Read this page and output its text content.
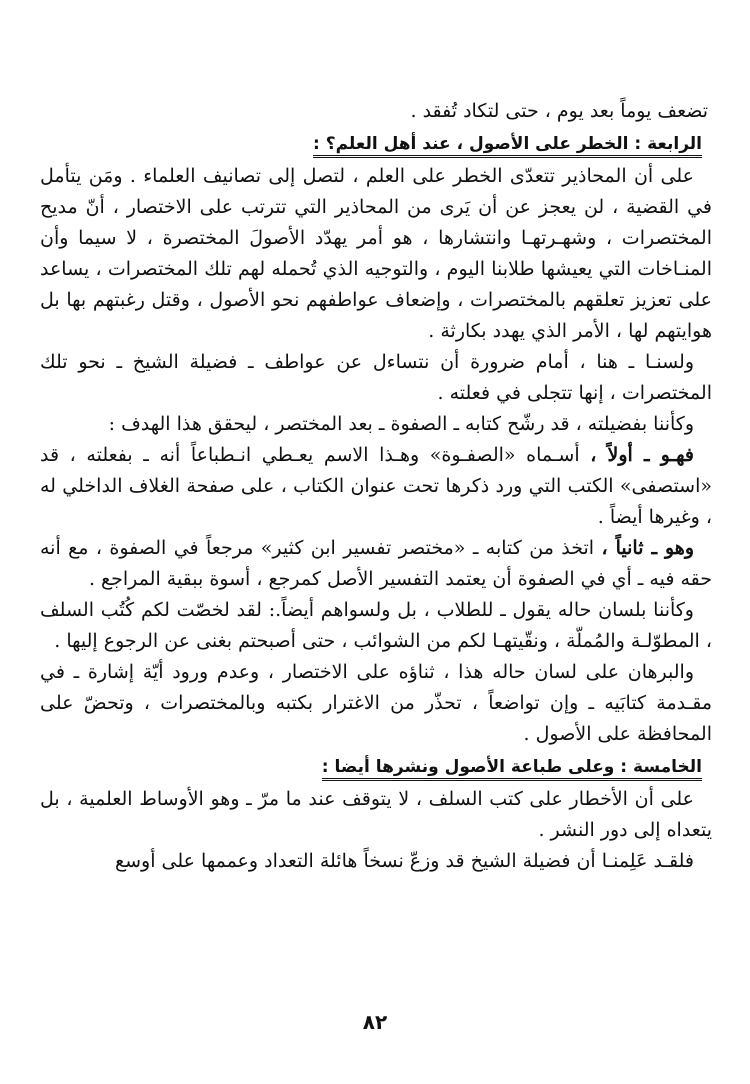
تضعف يوماً بعد يوم ، حتى لتكاد تُفقد .

الرابعة : الخطر على الأصول ، عند أهل العلم؟ :

على أن المحاذير تتعدّى الخطر على العلم ، لتصل إلى تصانيف العلماء . ومَن يتأمل في القضية ، لن يعجز عن أن يَرى من المحاذير التي تترتب على الاختصار ، أنّ مديح المختصرات ، وشهـرتهـا وانتشارها ، هو أمر يهدّد الأصولَ المختصرة ، لا سيما وأن المنـاخات التي يعيشها طلابنا اليوم ، والتوجيه الذي تُحمله لهم تلك المختصرات ، يساعد على تعزيز تعلقهم بالمختصرات ، وإضعاف عواطفهم نحو الأصول ، وقتل رغبتهم بها بل هوايتهم لها ، الأمر الذي يهدد بكارثة .

ولسنـا ـ هنا ، أمام ضرورة أن نتساءل عن عواطف ـ فضيلة الشيخ ـ نحو تلك المختصرات ، إنها تتجلى في فعلته .

وكأننا بفضيلته ، قد رشّح كتابه ـ الصفوة ـ بعد المختصر ، ليحقق هذا الهدف :

فهـو ـ أولاً ، أسـماه «الصفـوة» وهـذا الاسم يعـطي انـطباعاً أنه ـ بفعلته ، قد «استصفى» الكتب التي ورد ذكرها تحت عنوان الكتاب ، على صفحة الغلاف الداخلي له ، وغيرها أيضاً .

وهو ـ ثانياً ، اتخذ من كتابه ـ «مختصر تفسير ابن كثير» مرجعاً في الصفوة ، مع أنه حقه فيه ـ أي في الصفوة أن يعتمد التفسير الأصل كمرجع ، أسوة ببقية المراجع .

وكأننا بلسان حاله يقول ـ للطلاب ، بل ولسواهم أيضاً.: لقد لخصّت لكم كُتُب السلف ، المطوّلـة والمُملّة ، ونقّيتهـا لكم من الشوائب ، حتى أصبحتم بغنى عن الرجوع إليها .

والبرهان على لسان حاله هذا ، ثناؤه على الاختصار ، وعدم ورود أيّة إشارة ـ في مقـدمة كتابَيه ـ وإن تواضعاً ، تحذّر من الاغترار بكتبه وبالمختصرات ، وتحضّ على المحافظة على الأصول .

الخامسة : وعلى طباعة الأصول ونشرها أيضا :

على أن الأخطار على كتب السلف ، لا يتوقف عند ما مرّ ـ وهو الأوساط العلمية ، بل يتعداه إلى دور النشر .

فلقـد عَلِمنـا أن فضيلة الشيخ قد وزعّ نسخاً هائلة التعداد وعممها على أوسع

٨٢
